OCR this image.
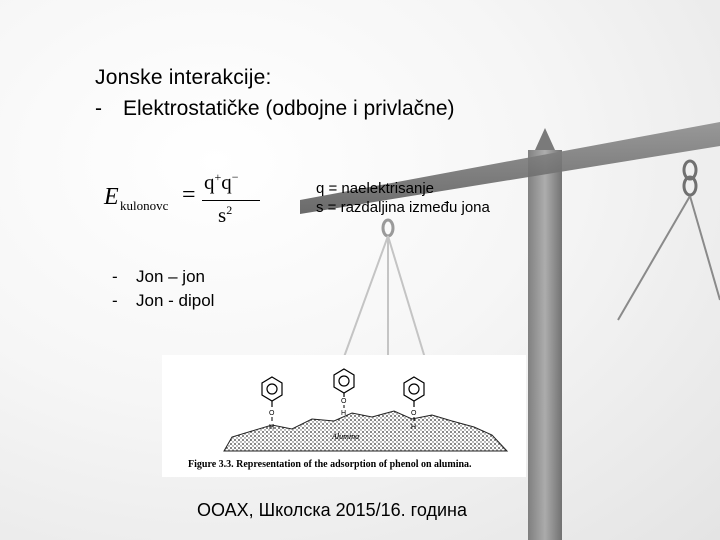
Jonske interakcije:
- Elektrostatičke (odbojne i privlačne)
E kulonovc = q+q−
$s^2$
q = naelektrisanje
s = razdaljina između jona
- Jon – jon
- Jon - dipol
Alumina
O
H
O
H	O
H
Figure 3.3. Representation of the adsorption of phenol on alumina.
ООАХ, Школска 2015/16. година
